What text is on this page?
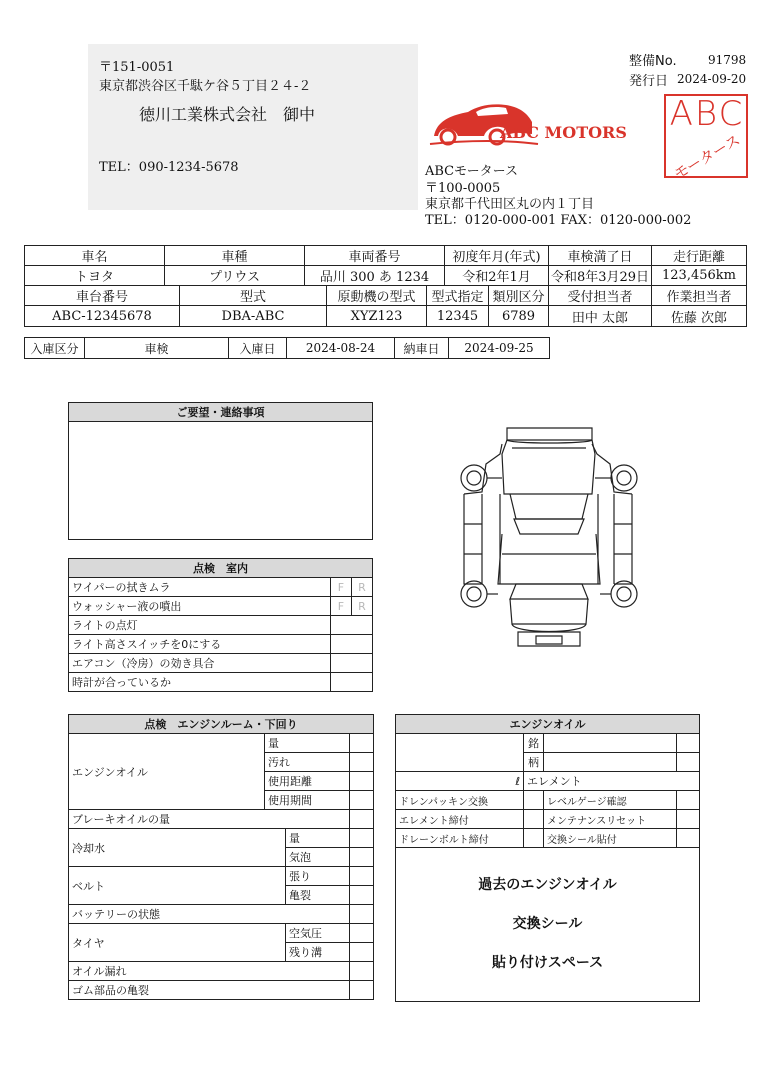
〒151-0051
東京都渋谷区千駄ケ谷５丁目２４-２
徳川工業株式会社　御中
TEL：090-1234-5678
整備No.	91798
発行日 2024-09-20
ABC MOTORS ABC
モータース
ABCモータース
〒100-0005
東京都千代田区丸の内１丁目
TEL：0120-000-001 FAX：0120-000-002
車名	車種	車両番号	初度年月(年式)	車検満了日	走行距離
トヨタ	プリウス	品川 300 あ 1234	令和2年1月	令和8年3月29日	123,456km
車台番号	型式	原動機の型式	型式指定	類別区分	受付担当者	作業担当者
ABC-12345678	DBA-ABC	XYZ123	12345	6789	田中 太郎	佐藤 次郎
入庫区分	車検	入庫日	2024-08-24	納車日	2024-09-25
ご要望・連絡事項

点検　室内		
ワイパーの拭きムラ	F	R
ウォッシャー液の噴出	F	R
ライトの点灯		
ライト高さスイッチを0にする		
エアコン（冷房）の効き具合		
時計が合っているか		
点検　エンジンルーム・下回り			
エンジンオイル	量		
	汚れ		
	使用距離		
	使用期間		
ブレーキオイルの量			
冷却水		量	
		気泡	
ベルト		張り	
		亀裂	
バッテリーの状態			
タイヤ		空気圧	
		残り溝	
オイル漏れ			
ゴム部品の亀裂			
エンジンオイル			
	銘		
	柄		
ℓ	エレメント		
ドレンパッキン交換		レベルゲージ確認	
エレメント締付		メンテナンスリセット	
ドレーンボルト締付		交換シール貼付	

過去のエンジンオイル
交換シール
貼り付けスペース			
